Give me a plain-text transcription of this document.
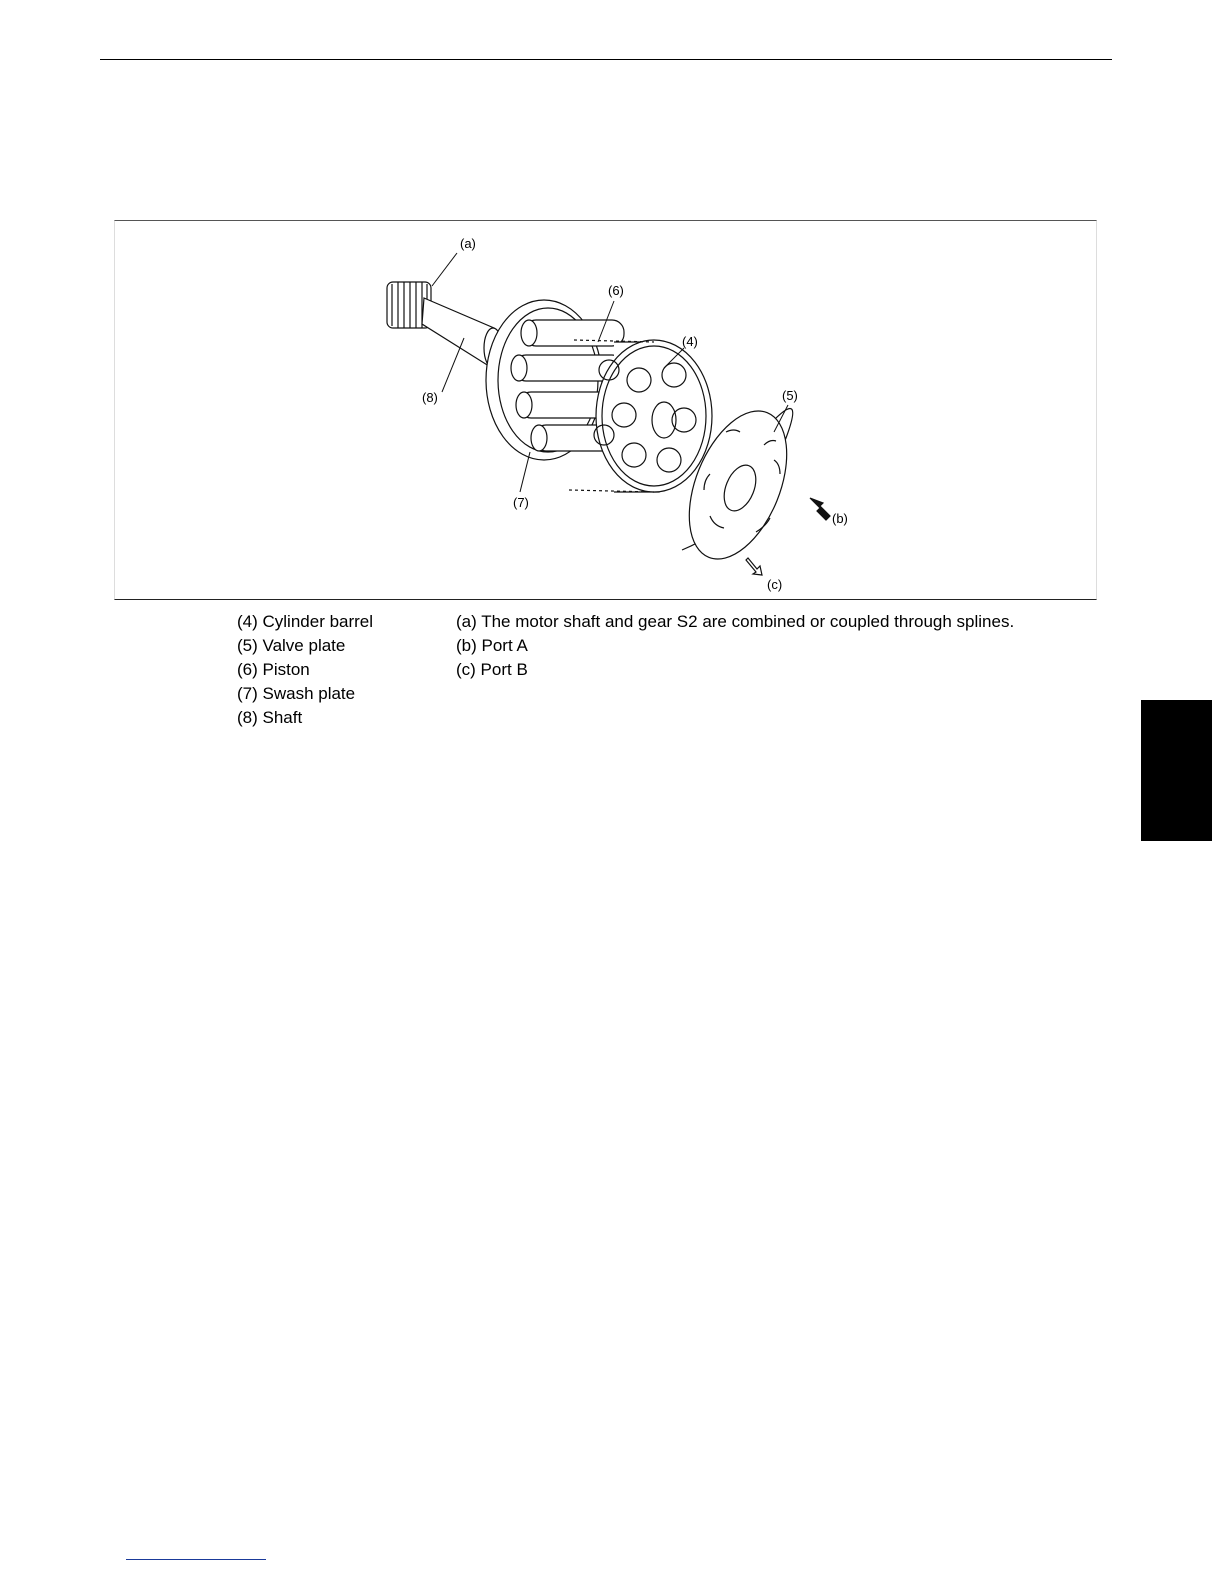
(a)
(6)
(4)
(8)	(5)
(7)
(b)
(c)
(4) Cylinder barrel
(5) Valve plate
(6) Piston
(7) Swash plate
(8) Shaft
(a) The motor shaft and gear S2 are combined or coupled through splines.
(b) Port A
(c) Port B
